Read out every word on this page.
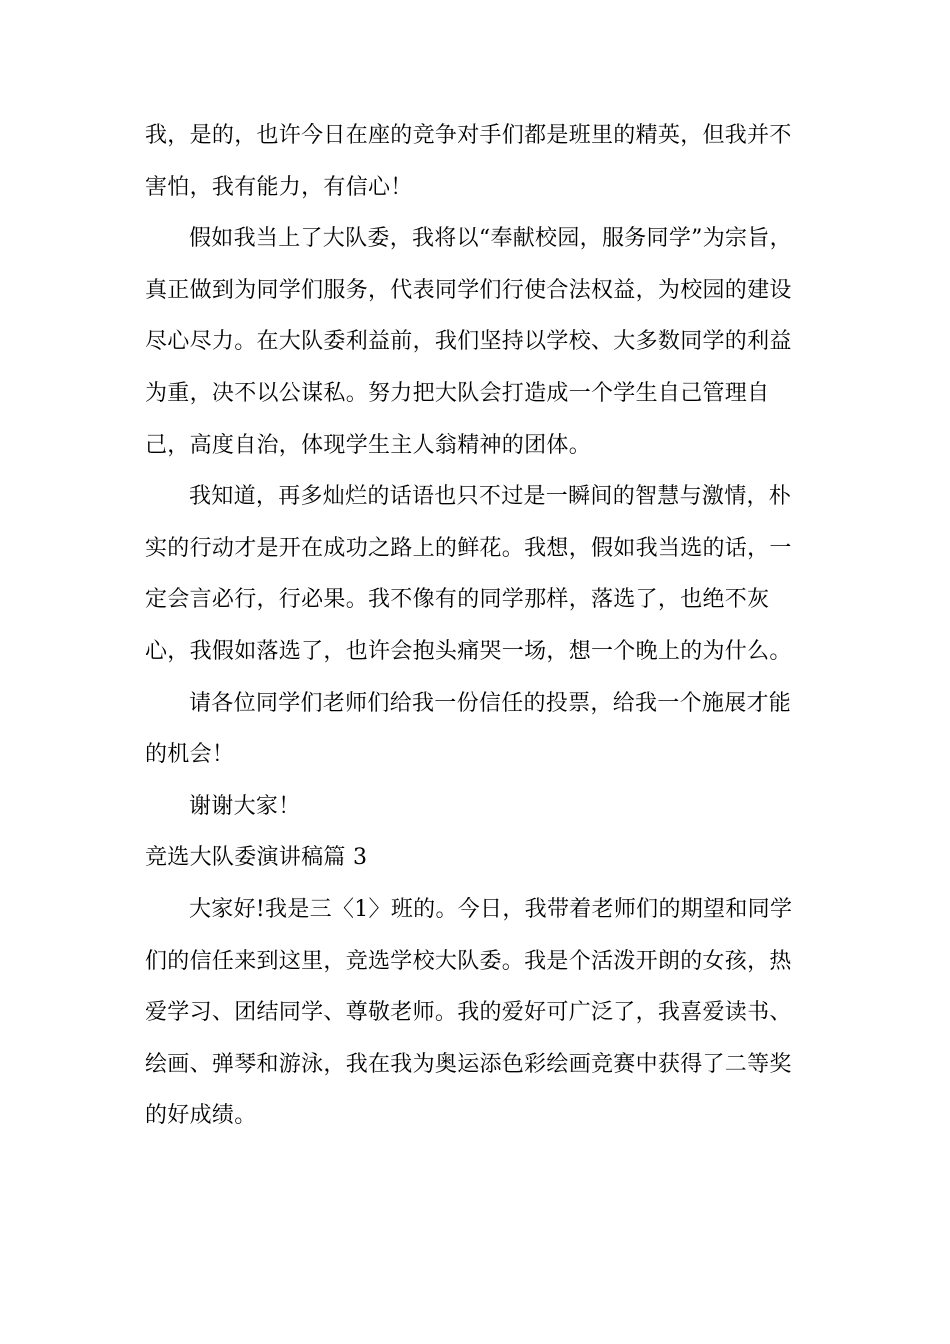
我，是的，也许今日在座的竞争对手们都是班里的精英，但我并不
害怕，我有能力，有信心！
假如我当上了大队委，我将以“奉献校园，服务同学”为宗旨，
真正做到为同学们服务，代表同学们行使合法权益，为校园的建设
尽心尽力。在大队委利益前，我们坚持以学校、大多数同学的利益
为重，决不以公谋私。努力把大队会打造成一个学生自己管理自
己，高度自治，体现学生主人翁精神的团体。
我知道，再多灿烂的话语也只不过是一瞬间的智慧与激情，朴
实的行动才是开在成功之路上的鲜花。我想，假如我当选的话，一
定会言必行，行必果。我不像有的同学那样，落选了，也绝不灰
心，我假如落选了，也许会抱头痛哭一场，想一个晚上的为什么。
请各位同学们老师们给我一份信任的投票，给我一个施展才能
的机会！
谢谢大家！
竞选大队委演讲稿篇 3
大家好!我是三〈1〉班的。今日，我带着老师们的期望和同学
们的信任来到这里，竞选学校大队委。我是个活泼开朗的女孩，热
爱学习、团结同学、尊敬老师。我的爱好可广泛了，我喜爱读书、
绘画、弹琴和游泳，我在我为奥运添色彩绘画竞赛中获得了二等奖
的好成绩。
